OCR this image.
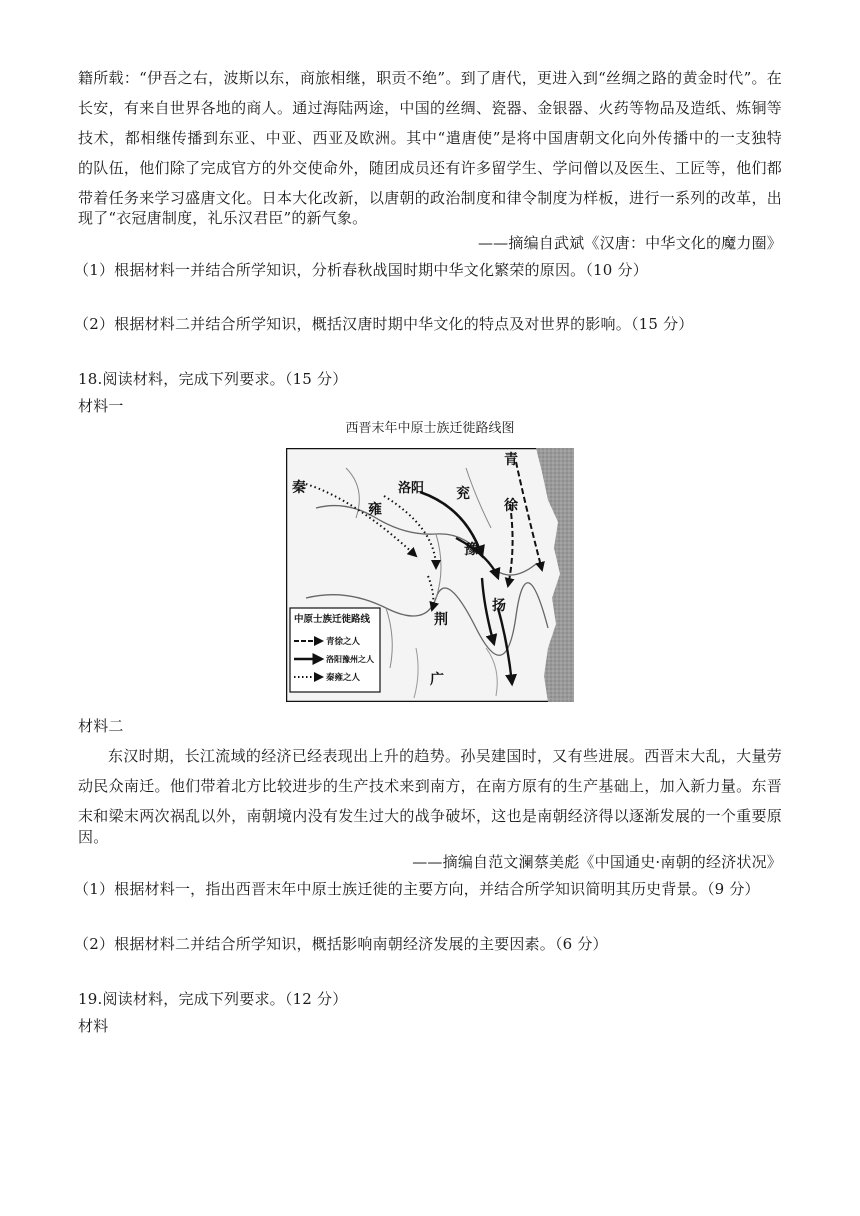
籍所载：“伊吾之右，波斯以东，商旅相继，职贡不绝”。到了唐代，更进入到“丝绸之路的黄金时代”。在
长安，有来自世界各地的商人。通过海陆两途，中国的丝绸、瓷器、金银器、火药等物品及造纸、炼铜等
技术，都相继传播到东亚、中亚、西亚及欧洲。其中“遣唐使”是将中国唐朝文化向外传播中的一支独特
的队伍，他们除了完成官方的外交使命外，随团成员还有许多留学生、学问僧以及医生、工匠等，他们都
带着任务来学习盛唐文化。日本大化改新，以唐朝的政治制度和律令制度为样板，进行一系列的改革，出
现了“衣冠唐制度，礼乐汉君臣”的新气象。
——摘编自武斌《汉唐：中华文化的魔力圈》
（1）根据材料一并结合所学知识，分析春秋战国时期中华文化繁荣的原因。（10 分）
（2）根据材料二并结合所学知识，概括汉唐时期中华文化的特点及对世界的影响。（15 分）
18.阅读材料，完成下列要求。（15 分）
材料一
西晋末年中原士族迁徙路线图
秦
雍
洛阳 兖
青
徐
豫
扬
荆
广
中原士族迁徙路线
青徐之人
洛阳豫州之人
秦雍之人
材料二
东汉时期，长江流域的经济已经表现出上升的趋势。孙吴建国时，又有些进展。西晋末大乱，大量劳
动民众南迁。他们带着北方比较进步的生产技术来到南方，在南方原有的生产基础上，加入新力量。东晋
末和梁末两次祸乱以外，南朝境内没有发生过大的战争破坏，这也是南朝经济得以逐渐发展的一个重要原
因。
——摘编自范文澜蔡美彪《中国通史·南朝的经济状况》
（1）根据材料一，指出西晋末年中原士族迁徙的主要方向，并结合所学知识简明其历史背景。（9 分）
（2）根据材料二并结合所学知识，概括影响南朝经济发展的主要因素。（6 分）
19.阅读材料，完成下列要求。（12 分）
材料
